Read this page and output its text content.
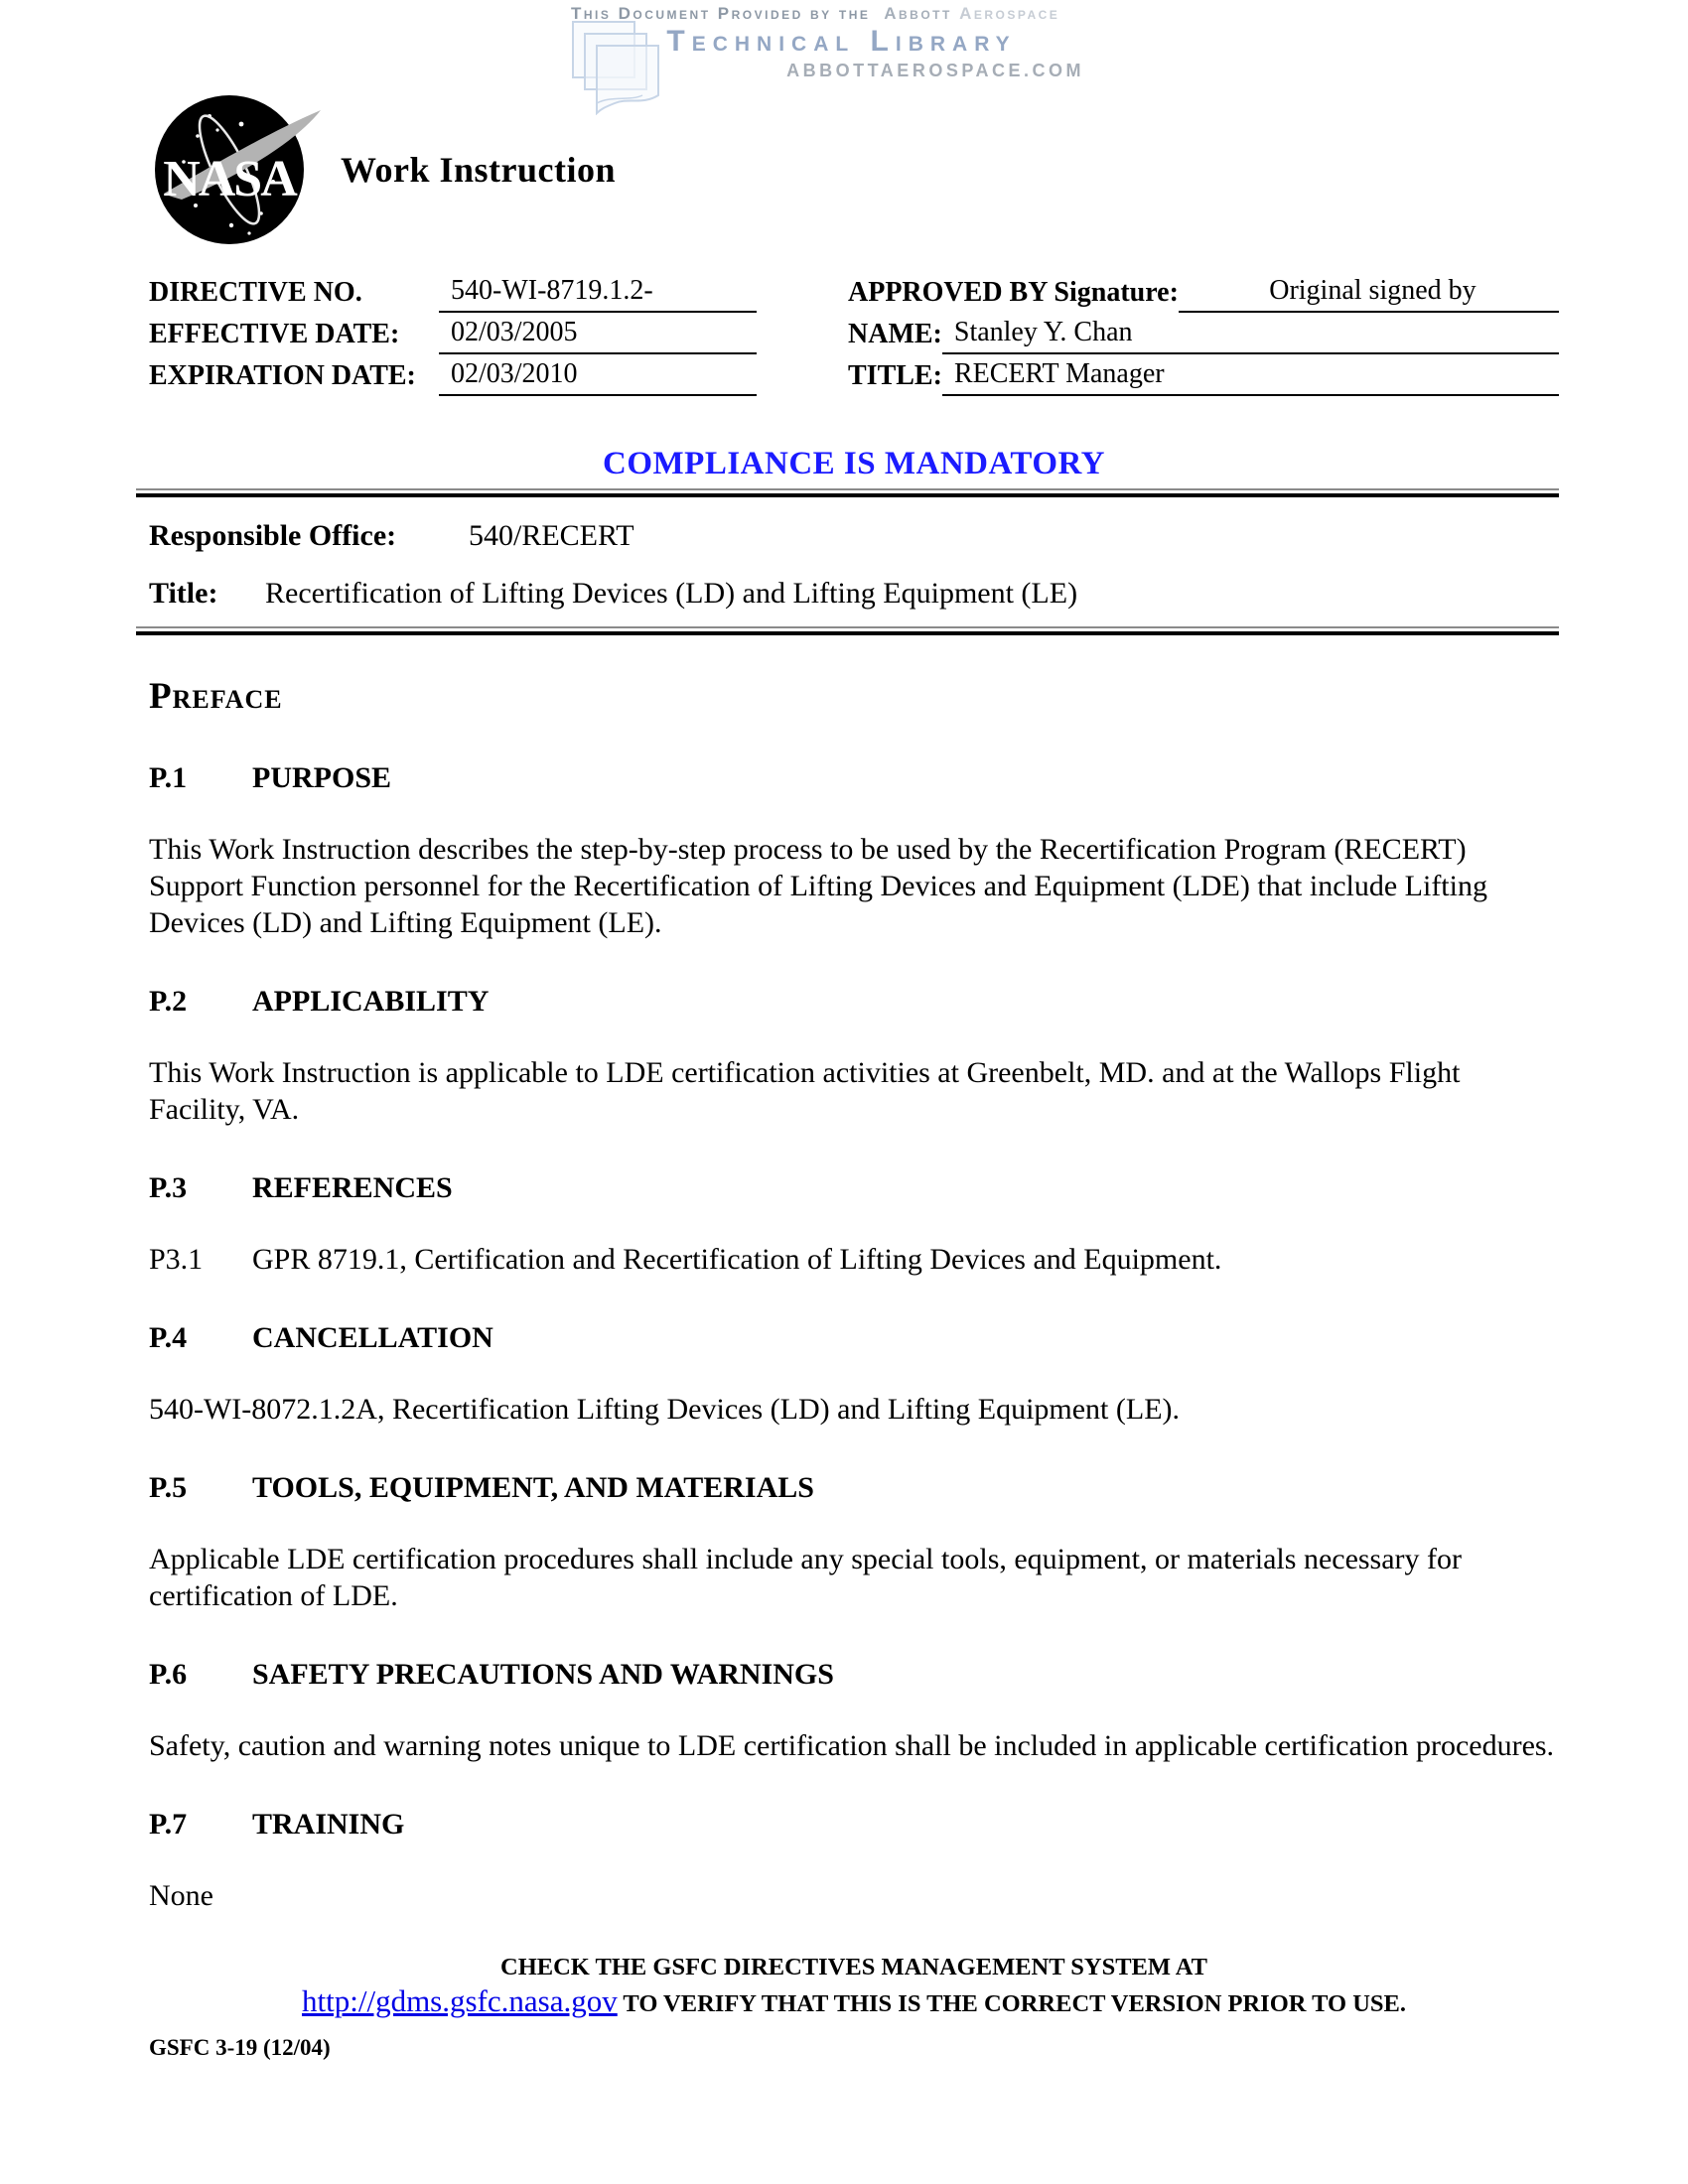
This Document Provided by the Abbott Aerospace
Technical Library
ABBOTTAEROSPACE.COM
NASA Work Instruction
DIRECTIVE NO.	540-WI-8719.1.2-	APPROVED BY Signature:	Original signed by
EFFECTIVE DATE:	02/03/2005	NAME: Stanley Y. Chan
EXPIRATION DATE:	02/03/2010	TITLE: RECERT Manager
COMPLIANCE IS MANDATORY
Responsible Office: 540/RECERT
Title: Recertification of Lifting Devices (LD) and Lifting Equipment (LE)
Preface
P.1	PURPOSE

This Work Instruction describes the step-by-step process to be used by the Recertification Program (RECERT) Support Function personnel for the Recertification of Lifting Devices and Equipment (LDE) that include Lifting Devices (LD) and Lifting Equipment (LE).

P.2	APPLICABILITY

This Work Instruction is applicable to LDE certification activities at Greenbelt, MD. and at the Wallops Flight Facility, VA.

P.3	REFERENCES
P3.1	GPR 8719.1, Certification and Recertification of Lifting Devices and Equipment.
P.4	CANCELLATION

540-WI-8072.1.2A, Recertification Lifting Devices (LD) and Lifting Equipment (LE).

P.5	TOOLS, EQUIPMENT, AND MATERIALS

Applicable LDE certification procedures shall include any special tools, equipment, or materials necessary for certification of LDE.

P.6	SAFETY PRECAUTIONS AND WARNINGS

Safety, caution and warning notes unique to LDE certification shall be included in applicable certification procedures.

P.7	TRAINING

None

CHECK THE GSFC DIRECTIVES MANAGEMENT SYSTEM AT
http://gdms.gsfc.nasa.gov TO VERIFY THAT THIS IS THE CORRECT VERSION PRIOR TO USE.
GSFC 3-19 (12/04)
